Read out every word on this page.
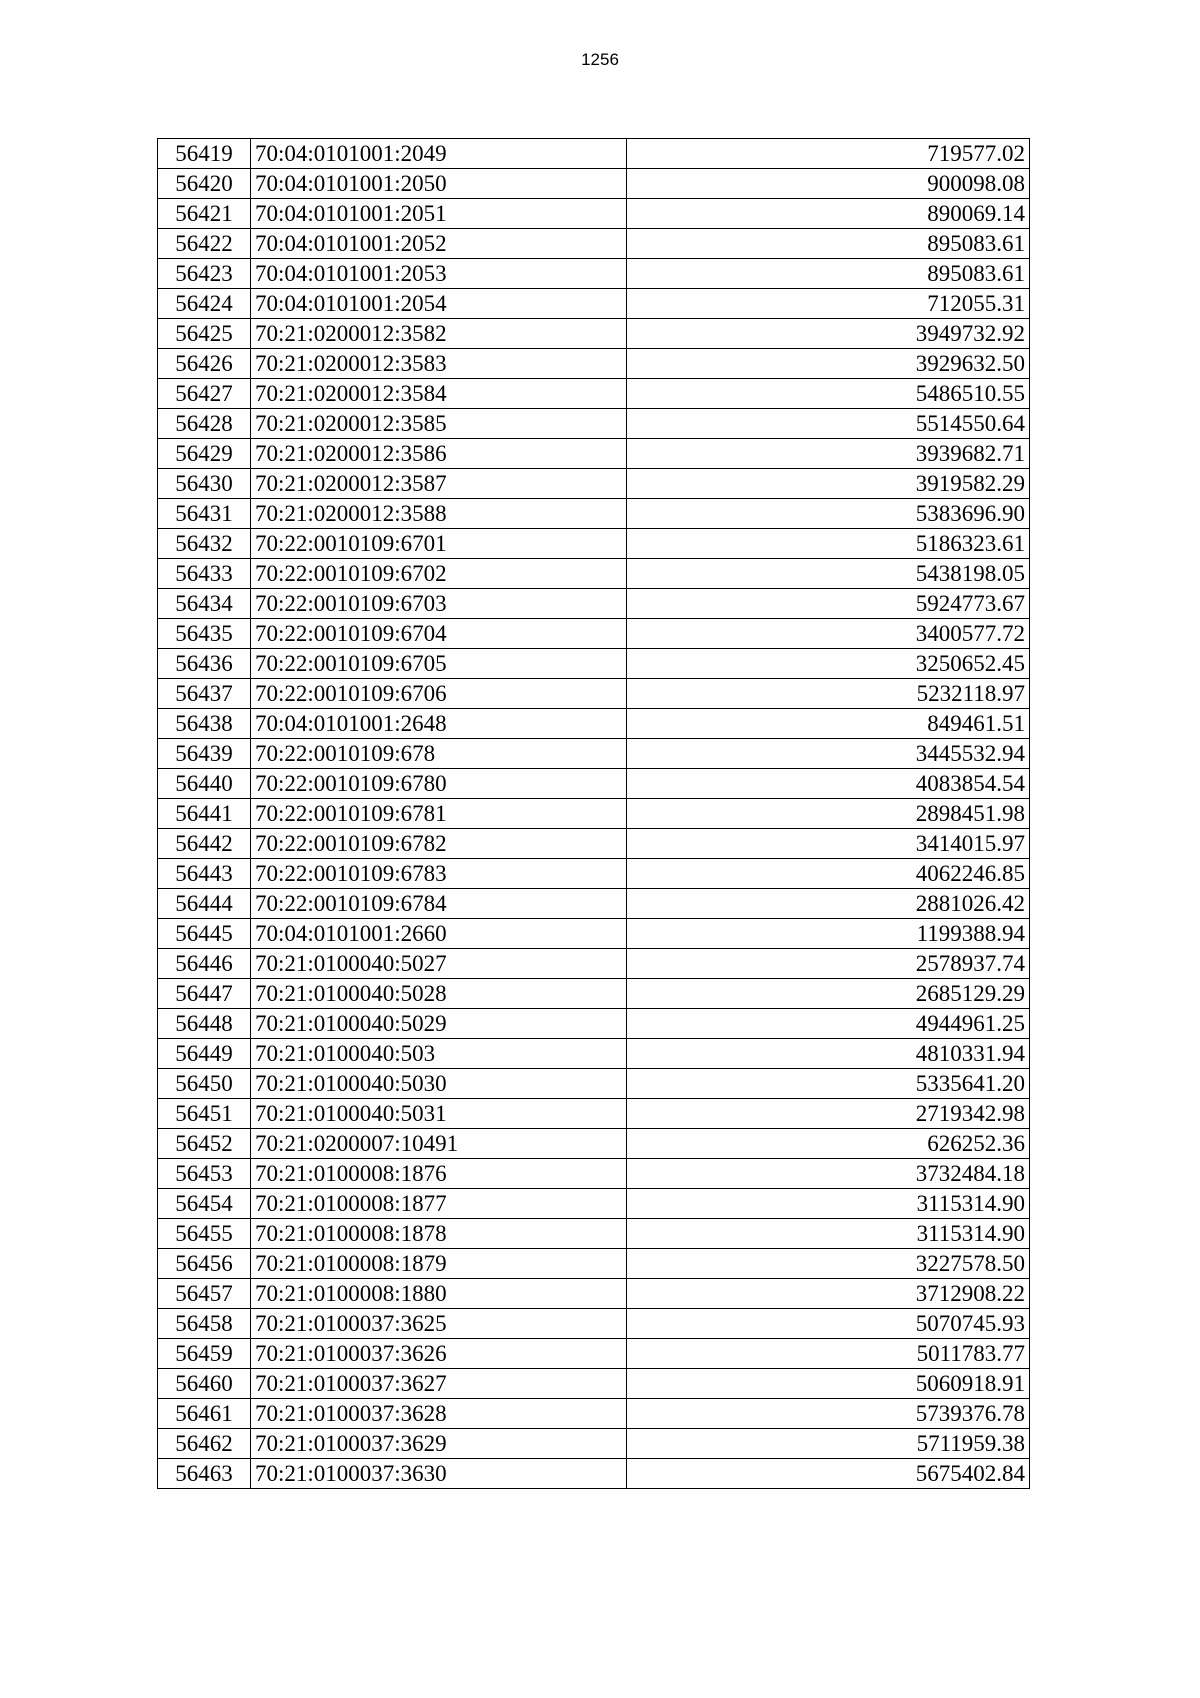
1256
56419	70:04:0101001:2049	719577.02
56420	70:04:0101001:2050	900098.08
56421	70:04:0101001:2051	890069.14
56422	70:04:0101001:2052	895083.61
56423	70:04:0101001:2053	895083.61
56424	70:04:0101001:2054	712055.31
56425	70:21:0200012:3582	3949732.92
56426	70:21:0200012:3583	3929632.50
56427	70:21:0200012:3584	5486510.55
56428	70:21:0200012:3585	5514550.64
56429	70:21:0200012:3586	3939682.71
56430	70:21:0200012:3587	3919582.29
56431	70:21:0200012:3588	5383696.90
56432	70:22:0010109:6701	5186323.61
56433	70:22:0010109:6702	5438198.05
56434	70:22:0010109:6703	5924773.67
56435	70:22:0010109:6704	3400577.72
56436	70:22:0010109:6705	3250652.45
56437	70:22:0010109:6706	5232118.97
56438	70:04:0101001:2648	849461.51
56439	70:22:0010109:678	3445532.94
56440	70:22:0010109:6780	4083854.54
56441	70:22:0010109:6781	2898451.98
56442	70:22:0010109:6782	3414015.97
56443	70:22:0010109:6783	4062246.85
56444	70:22:0010109:6784	2881026.42
56445	70:04:0101001:2660	1199388.94
56446	70:21:0100040:5027	2578937.74
56447	70:21:0100040:5028	2685129.29
56448	70:21:0100040:5029	4944961.25
56449	70:21:0100040:503	4810331.94
56450	70:21:0100040:5030	5335641.20
56451	70:21:0100040:5031	2719342.98
56452	70:21:0200007:10491	626252.36
56453	70:21:0100008:1876	3732484.18
56454	70:21:0100008:1877	3115314.90
56455	70:21:0100008:1878	3115314.90
56456	70:21:0100008:1879	3227578.50
56457	70:21:0100008:1880	3712908.22
56458	70:21:0100037:3625	5070745.93
56459	70:21:0100037:3626	5011783.77
56460	70:21:0100037:3627	5060918.91
56461	70:21:0100037:3628	5739376.78
56462	70:21:0100037:3629	5711959.38
56463	70:21:0100037:3630	5675402.84
